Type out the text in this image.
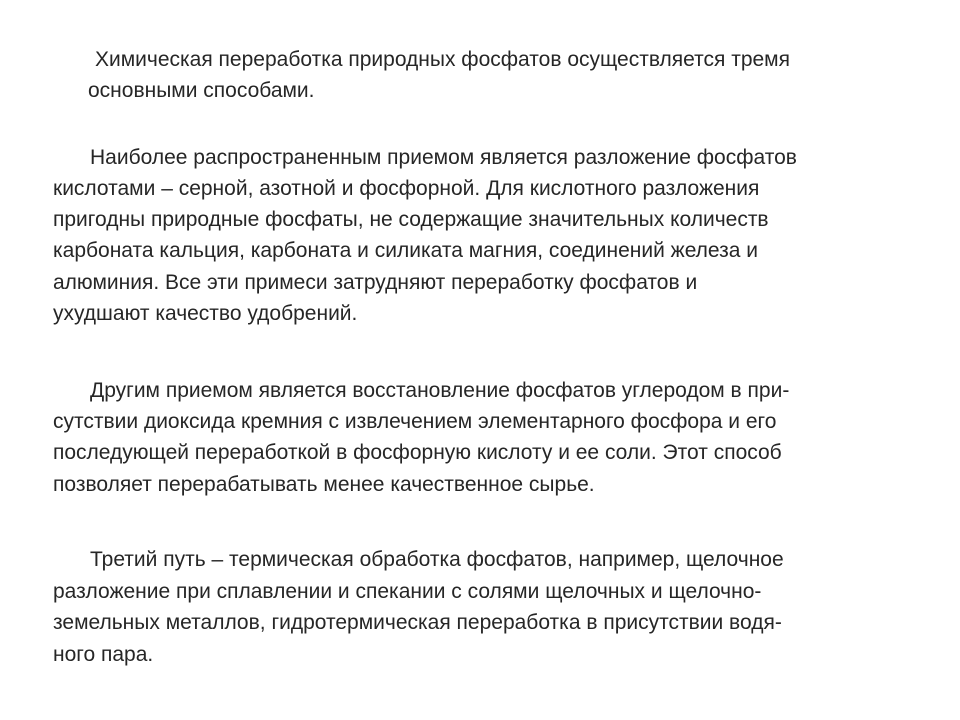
Химическая переработка природных фосфатов осуществляется тремя
основными способами.
Наиболее распространенным приемом является разложение фосфатов
кислотами – серной, азотной и фосфорной. Для кислотного разложения
пригодны природные фосфаты, не содержащие значительных количеств
карбоната кальция, карбоната и силиката магния, соединений железа и
алюминия. Все эти примеси затрудняют переработку фосфатов и
ухудшают качество удобрений.
Другим приемом является восстановление фосфатов углеродом в при-
сутствии диоксида кремния с извлечением элементарного фосфора и его
последующей переработкой в фосфорную кислоту и ее соли. Этот способ
позволяет перерабатывать менее качественное сырье.
Третий путь – термическая обработка фосфатов, например, щелочное
разложение при сплавлении и спекании с солями щелочных и щелочно-
земельных металлов, гидротермическая переработка в присутствии водя-
ного пара.
